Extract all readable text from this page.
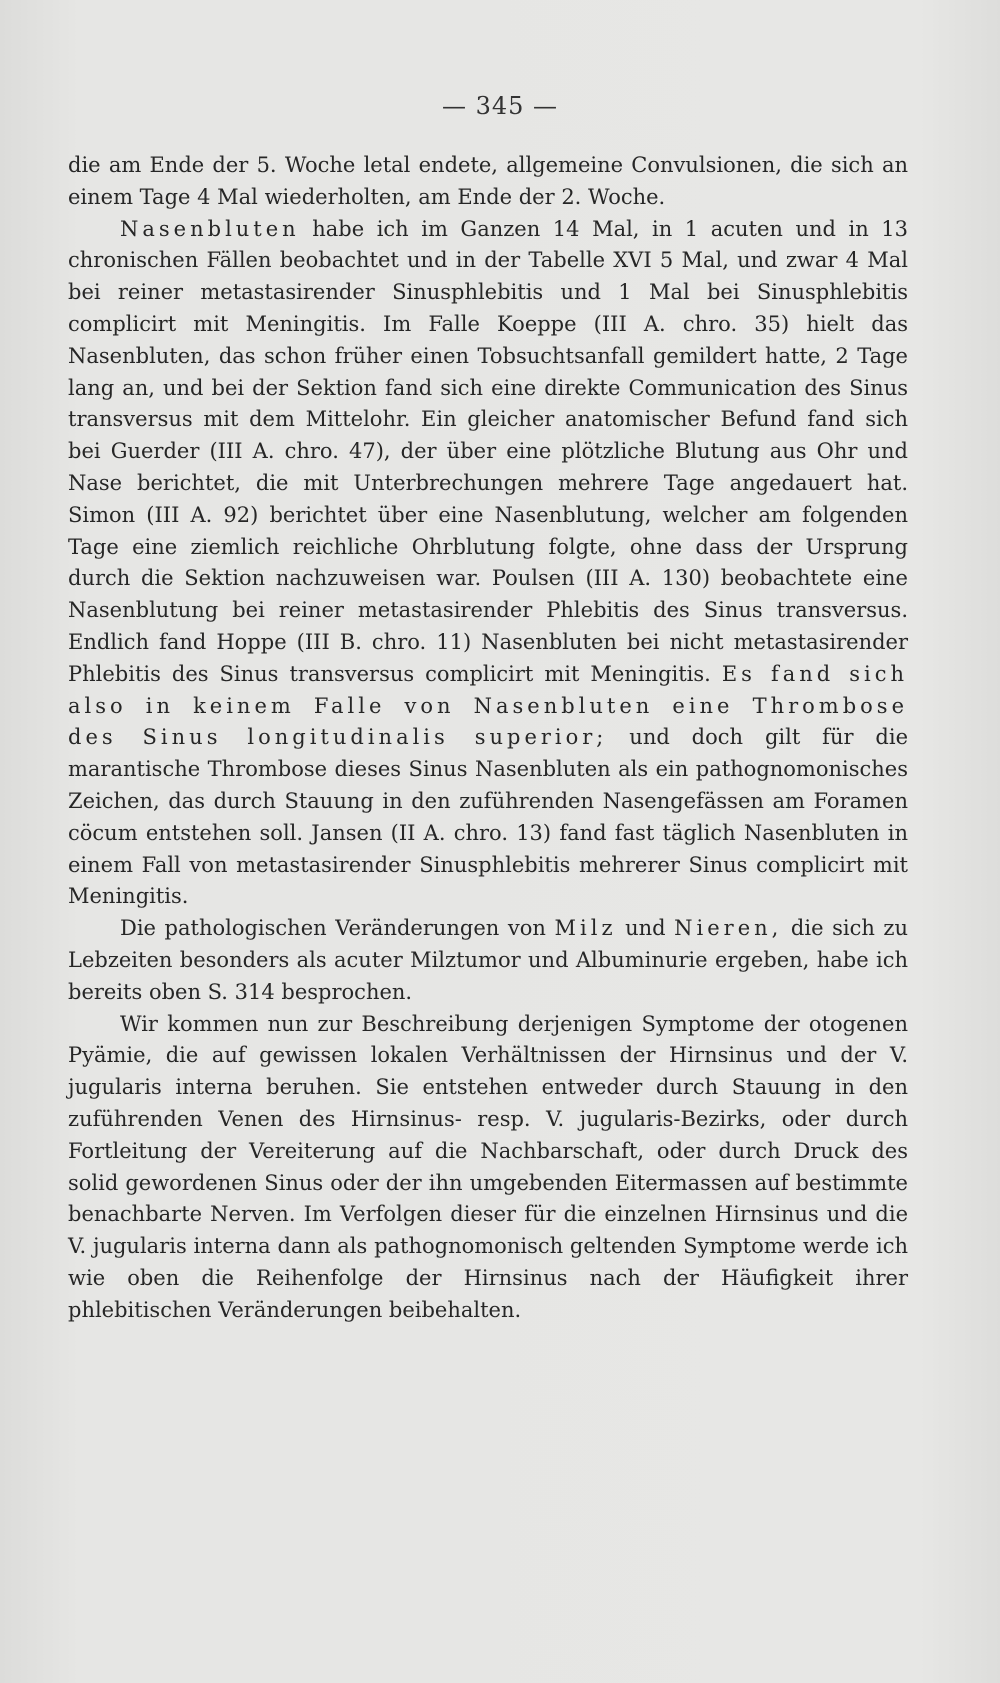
— 345 —

die am Ende der 5. Woche letal endete, allgemeine Convulsionen, die sich an einem Tage 4 Mal wiederholten, am Ende der 2. Woche.

Nasenbluten habe ich im Ganzen 14 Mal, in 1 acuten und in 13 chronischen Fällen beobachtet und in der Tabelle XVI 5 Mal, und zwar 4 Mal bei reiner metastasirender Sinusphlebitis und 1 Mal bei Sinusphlebitis complicirt mit Meningitis. Im Falle Koeppe (III A. chro. 35) hielt das Nasenbluten, das schon früher einen Tobsuchtsanfall gemildert hatte, 2 Tage lang an, und bei der Sektion fand sich eine direkte Communication des Sinus transversus mit dem Mittelohr. Ein gleicher anatomischer Befund fand sich bei Guerder (III A. chro. 47), der über eine plötzliche Blutung aus Ohr und Nase berichtet, die mit Unterbrechungen mehrere Tage angedauert hat. Simon (III A. 92) berichtet über eine Nasenblutung, welcher am folgenden Tage eine ziemlich reichliche Ohrblutung folgte, ohne dass der Ursprung durch die Sektion nachzuweisen war. Poulsen (III A. 130) beobachtete eine Nasenblutung bei reiner metastasirender Phlebitis des Sinus transversus. Endlich fand Hoppe (III B. chro. 11) Nasenbluten bei nicht metastasirender Phlebitis des Sinus transversus complicirt mit Meningitis. Es fand sich also in keinem Falle von Nasenbluten eine Thrombose des Sinus longitudinalis superior; und doch gilt für die marantische Thrombose dieses Sinus Nasenbluten als ein pathognomonisches Zeichen, das durch Stauung in den zuführenden Nasengefässen am Foramen cöcum entstehen soll. Jansen (II A. chro. 13) fand fast täglich Nasenbluten in einem Fall von metastasirender Sinusphlebitis mehrerer Sinus complicirt mit Meningitis.

Die pathologischen Veränderungen von Milz und Nieren, die sich zu Lebzeiten besonders als acuter Milztumor und Albuminurie ergeben, habe ich bereits oben S. 314 besprochen.

Wir kommen nun zur Beschreibung derjenigen Symptome der otogenen Pyämie, die auf gewissen lokalen Verhältnissen der Hirnsinus und der V. jugularis interna beruhen. Sie entstehen entweder durch Stauung in den zuführenden Venen des Hirnsinus- resp. V. jugularis-Bezirks, oder durch Fortleitung der Vereiterung auf die Nachbarschaft, oder durch Druck des solid gewordenen Sinus oder der ihn umgebenden Eitermassen auf bestimmte benachbarte Nerven. Im Verfolgen dieser für die einzelnen Hirnsinus und die V. jugularis interna dann als pathognomonisch geltenden Symptome werde ich wie oben die Reihenfolge der Hirnsinus nach der Häufigkeit ihrer phlebitischen Veränderungen beibehalten.
